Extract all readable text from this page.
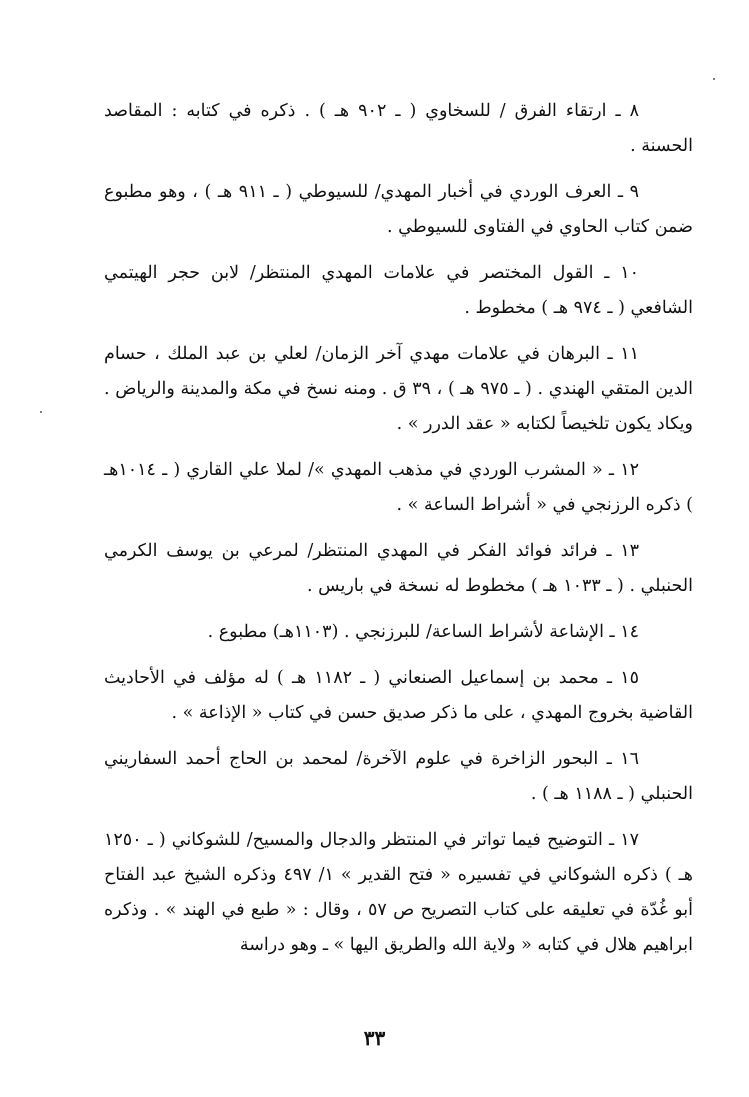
٨ ـ ارتقاء الفرق / للسخاوي ( ـ ٩٠٢ هـ ) . ذكره في كتابه : المقاصد الحسنة .

٩ ـ العرف الوردي في أخبار المهدي/ للسيوطي ( ـ ٩١١ هـ ) ، وهو مطبوع ضمن كتاب الحاوي في الفتاوى للسيوطي .

١٠ ـ القول المختصر في علامات المهدي المنتظر/ لابن حجر الهيتمي الشافعي ( ـ ٩٧٤ هـ ) مخطوط .

١١ ـ البرهان في علامات مهدي آخر الزمان/ لعلي بن عبد الملك ، حسام الدين المتقي الهندي . ( ـ ٩٧٥ هـ ) ، ٣٩ ق . ومنه نسخ في مكة والمدينة والرياض . ويكاد يكون تلخيصاً لكتابه « عقد الدرر » .

١٢ ـ « المشرب الوردي في مذهب المهدي »/ لملا علي القاري ( ـ ١٠١٤هـ ) ذكره الرزنجي في « أشراط الساعة » .

١٣ ـ فرائد فوائد الفكر في المهدي المنتظر/ لمرعي بن يوسف الكرمي الحنبلي . ( ـ ١٠٣٣ هـ ) مخطوط له نسخة في باريس .

١٤ ـ الإشاعة لأشراط الساعة/ للبرزنجي . (١١٠٣هـ) مطبوع .

١٥ ـ محمد بن إسماعيل الصنعاني ( ـ ١١٨٢ هـ ) له مؤلف في الأحاديث القاضية بخروج المهدي ، على ما ذكر صديق حسن في كتاب « الإذاعة » .

١٦ ـ البحور الزاخرة في علوم الآخرة/ لمحمد بن الحاج أحمد السفاريني الحنبلي ( ـ ١١٨٨ هـ ) .

١٧ ـ التوضيح فيما تواتر في المنتظر والدجال والمسيح/ للشوكاني ( ـ ١٢٥٠ هـ ) ذكره الشوكاني في تفسيره « فتح القدير » ١/ ٤٩٧ وذكره الشيخ عبد الفتاح أبو غُدّة في تعليقه على كتاب التصريح ص ٥٧ ، وقال : « طبع في الهند » . وذكره ابراهيم هلال في كتابه « ولاية الله والطريق اليها » ـ وهو دراسة

٣٣
